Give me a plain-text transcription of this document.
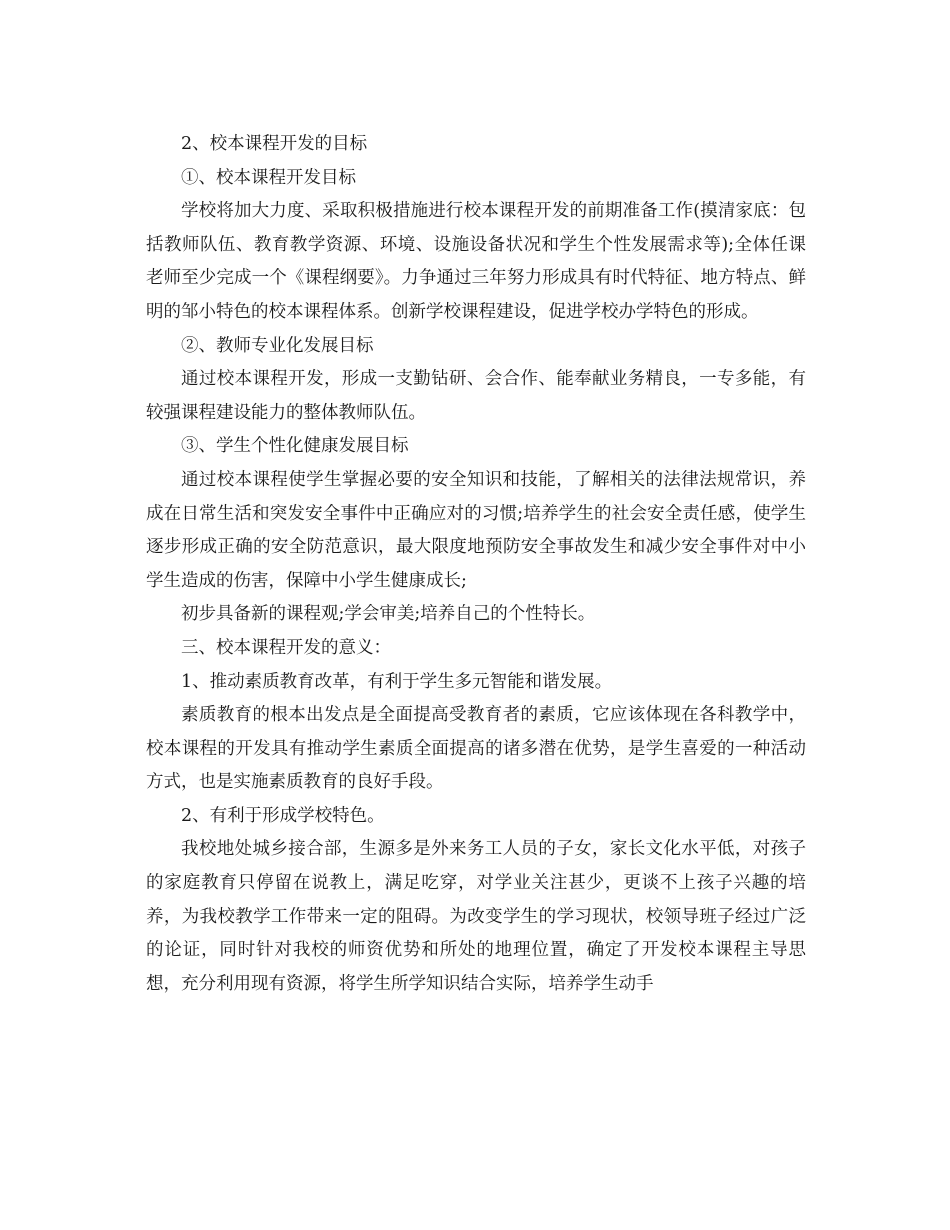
2、校本课程开发的目标

①、校本课程开发目标

学校将加大力度、采取积极措施进行校本课程开发的前期准备工作(摸清家底：包括教师队伍、教育教学资源、环境、设施设备状况和学生个性发展需求等);全体任课老师至少完成一个《课程纲要》。力争通过三年努力形成具有时代特征、地方特点、鲜明的邹小特色的校本课程体系。创新学校课程建设，促进学校办学特色的形成。

②、教师专业化发展目标

通过校本课程开发，形成一支勤钻研、会合作、能奉献业务精良，一专多能，有较强课程建设能力的整体教师队伍。

③、学生个性化健康发展目标

通过校本课程使学生掌握必要的安全知识和技能，了解相关的法律法规常识，养成在日常生活和突发安全事件中正确应对的习惯;培养学生的社会安全责任感，使学生逐步形成正确的安全防范意识，最大限度地预防安全事故发生和减少安全事件对中小学生造成的伤害，保障中小学生健康成长;

初步具备新的课程观;学会审美;培养自己的个性特长。

三、校本课程开发的意义：

1、推动素质教育改革，有利于学生多元智能和谐发展。

素质教育的根本出发点是全面提高受教育者的素质，它应该体现在各科教学中，校本课程的开发具有推动学生素质全面提高的诸多潜在优势，是学生喜爱的一种活动方式，也是实施素质教育的良好手段。

2、有利于形成学校特色。

我校地处城乡接合部，生源多是外来务工人员的子女，家长文化水平低，对孩子的家庭教育只停留在说教上，满足吃穿，对学业关注甚少，更谈不上孩子兴趣的培养，为我校教学工作带来一定的阻碍。为改变学生的学习现状，校领导班子经过广泛的论证，同时针对我校的师资优势和所处的地理位置，确定了开发校本课程主导思想，充分利用现有资源，将学生所学知识结合实际，培养学生动手
